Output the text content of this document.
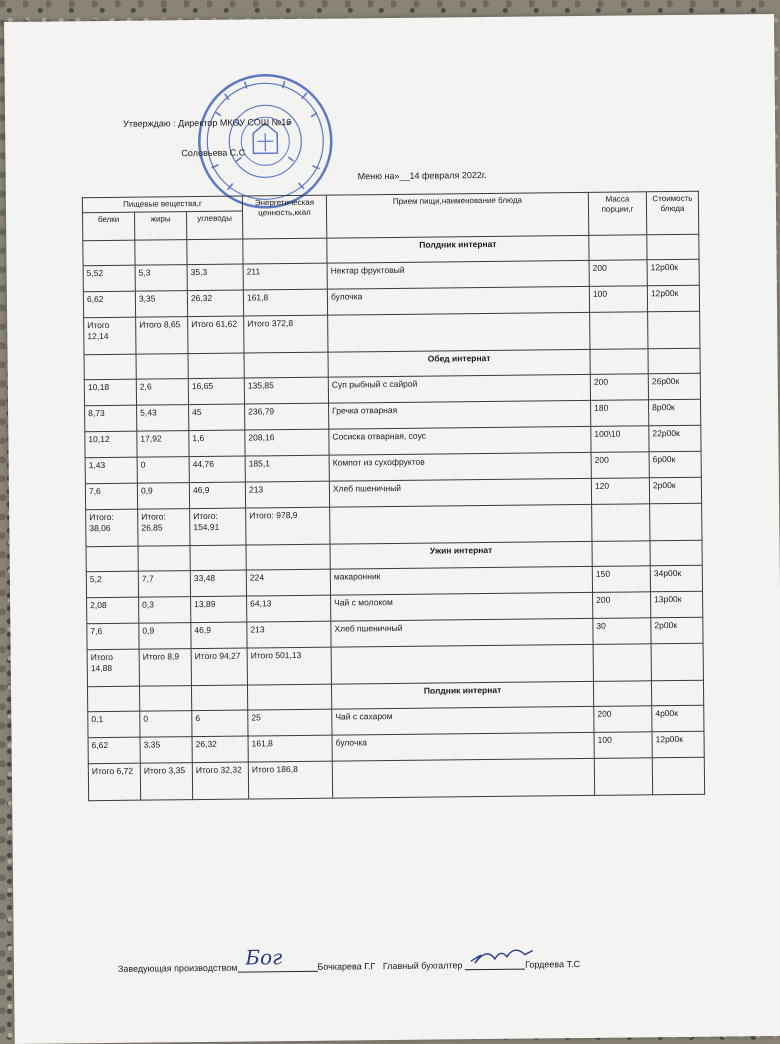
Утверждаю : Директор МКОУ СОШ №16
Соловьева С.С
Меню на»__14 февраля 2022г.
Пищевые вещества,г			Энергетическая ценность,ккал	Прием пищи,наименование блюда	Масса порции,г	Стоимость блюда
белки	жиры	углеводы				
				Полдник интернат		
5,52	5,3	35,3	211	Нектар фруктовый	200	12р00к
6,62	3,35	26,32	161,8	булочка	100	12р00к
Итого 12,14	Итого 8,65	Итого 61,62	Итого 372,8			
				Обед интернат		
10,18	2,6	16,65	135,85	Суп рыбный с сайрой	200	26р00к
8,73	5,43	45	236,79	Гречка отварная	180	8р00к
10,12	17,92	1,6	208,16	Сосиска отварная, соус	100\10	22р00к
1,43	0	44,76	185,1	Компот из сухофруктов	200	6р00к
7,6	0,9	46,9	213	Хлеб пшеничный	120	2р00к
Итого: 38,06	Итого: 26,85	Итого: 154,91	Итого: 978,9			
				Ужин интернат		
5,2	7,7	33,48	224	макаронник	150	34р00к
2,08	0,3	13,89	64,13	Чай с молоком	200	13р00к
7,6	0,9	46,9	213	Хлеб пшеничный	30	2р00к
Итого 14,88	Итого 8,9	Итого 94,27	Итого 501,13			
				Полдник интернат		
0,1	0	6	25	Чай с сахаром	200	4р00к
6,62	3,35	26,32	161,8	булочка	100	12р00к
Итого 6,72	Итого 3,35	Итого 32,32	Итого 186,8			
Заведующая производством Бог	Бочкарева Г.Г Главный бухгалтер	Гордеева Т.С
